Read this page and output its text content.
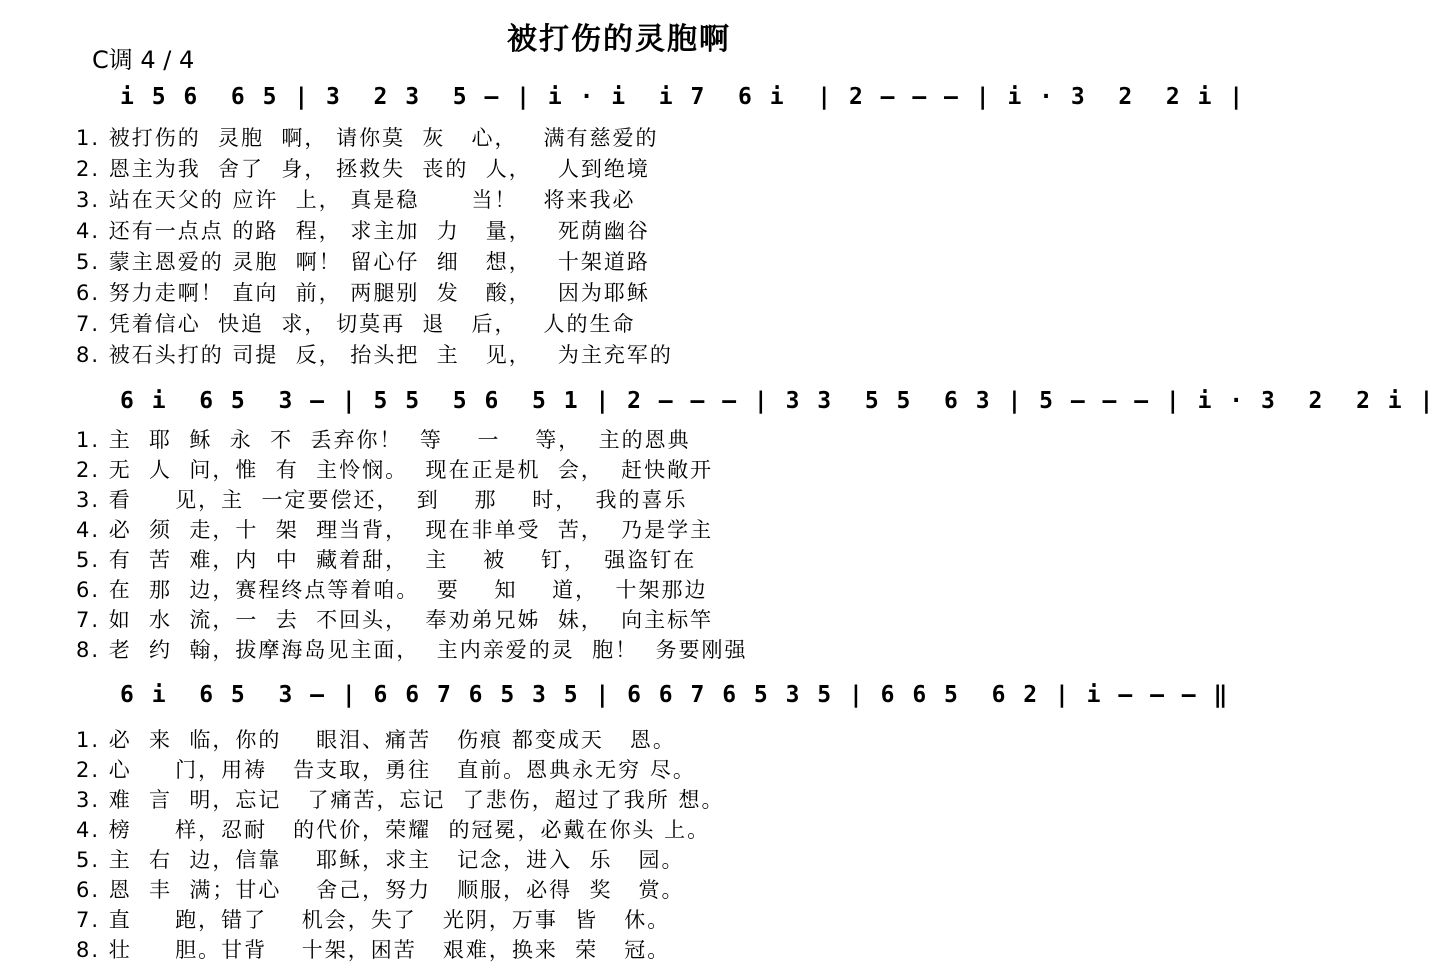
被打伤的灵胞啊
C调 4 / 4
i 5 6  6 5 | 3  2 3  5 — | i · i  i 7  6 i  | 2 — — — | i · 3  2  2 i |
1. 被打伤的  灵胞  啊， 请你莫  灰   心，   满有慈爱的
2. 恩主为我  舍了  身， 拯救失  丧的  人，   人到绝境
3. 站在天父的 应许  上， 真是稳      当！   将来我必
4. 还有一点点 的路  程， 求主加  力   量，   死荫幽谷
5. 蒙主恩爱的 灵胞  啊！ 留心仔  细   想，   十架道路
6. 努力走啊！ 直向  前， 两腿别  发   酸，   因为耶稣
7. 凭着信心  快追  求， 切莫再  退   后，   人的生命
8. 被石头打的 司提  反， 抬头把  主   见，   为主充军的
6 i  6 5  3 — | 5 5  5 6  5 1 | 2 — — — | 3 3  5 5  6 3 | 5 — — — | i · 3  2  2 i |
1. 主  耶  稣  永  不  丢弃你！  等    一    等，  主的恩典
2. 无  人  问，惟  有  主怜悯。  现在正是机  会，  赶快敞开
3. 看     见，主  一定要偿还，  到    那    时，  我的喜乐
4. 必  须  走，十  架  理当背，  现在非单受  苦，  乃是学主
5. 有  苦  难，内  中  藏着甜，  主    被    钉，  强盗钉在
6. 在  那  边，赛程终点等着咱。  要    知    道，  十架那边
7. 如  水  流，一  去  不回头，  奉劝弟兄姊  妹，  向主标竿
8. 老  约  翰，拔摩海岛见主面，  主内亲爱的灵  胞！  务要刚强
6 i  6 5  3 — | 6 6 7 6 5 3 5 | 6 6 7 6 5 3 5 | 6 6 5  6 2 | i — — — ‖
1. 必  来  临，你的    眼泪、痛苦   伤痕 都变成天   恩。
2. 心     门，用祷   告支取，勇往   直前。恩典永无穷 尽。
3. 难  言  明，忘记   了痛苦，忘记  了悲伤，超过了我所 想。
4. 榜     样，忍耐   的代价，荣耀  的冠冕，必戴在你头 上。
5. 主  右  边，信靠    耶稣，求主   记念，进入  乐   园。
6. 恩  丰  满；甘心    舍己，努力   顺服，必得  奖   赏。
7. 直     跑，错了    机会，失了   光阴，万事  皆   休。
8. 壮     胆。甘背    十架，困苦   艰难，换来  荣   冠。
